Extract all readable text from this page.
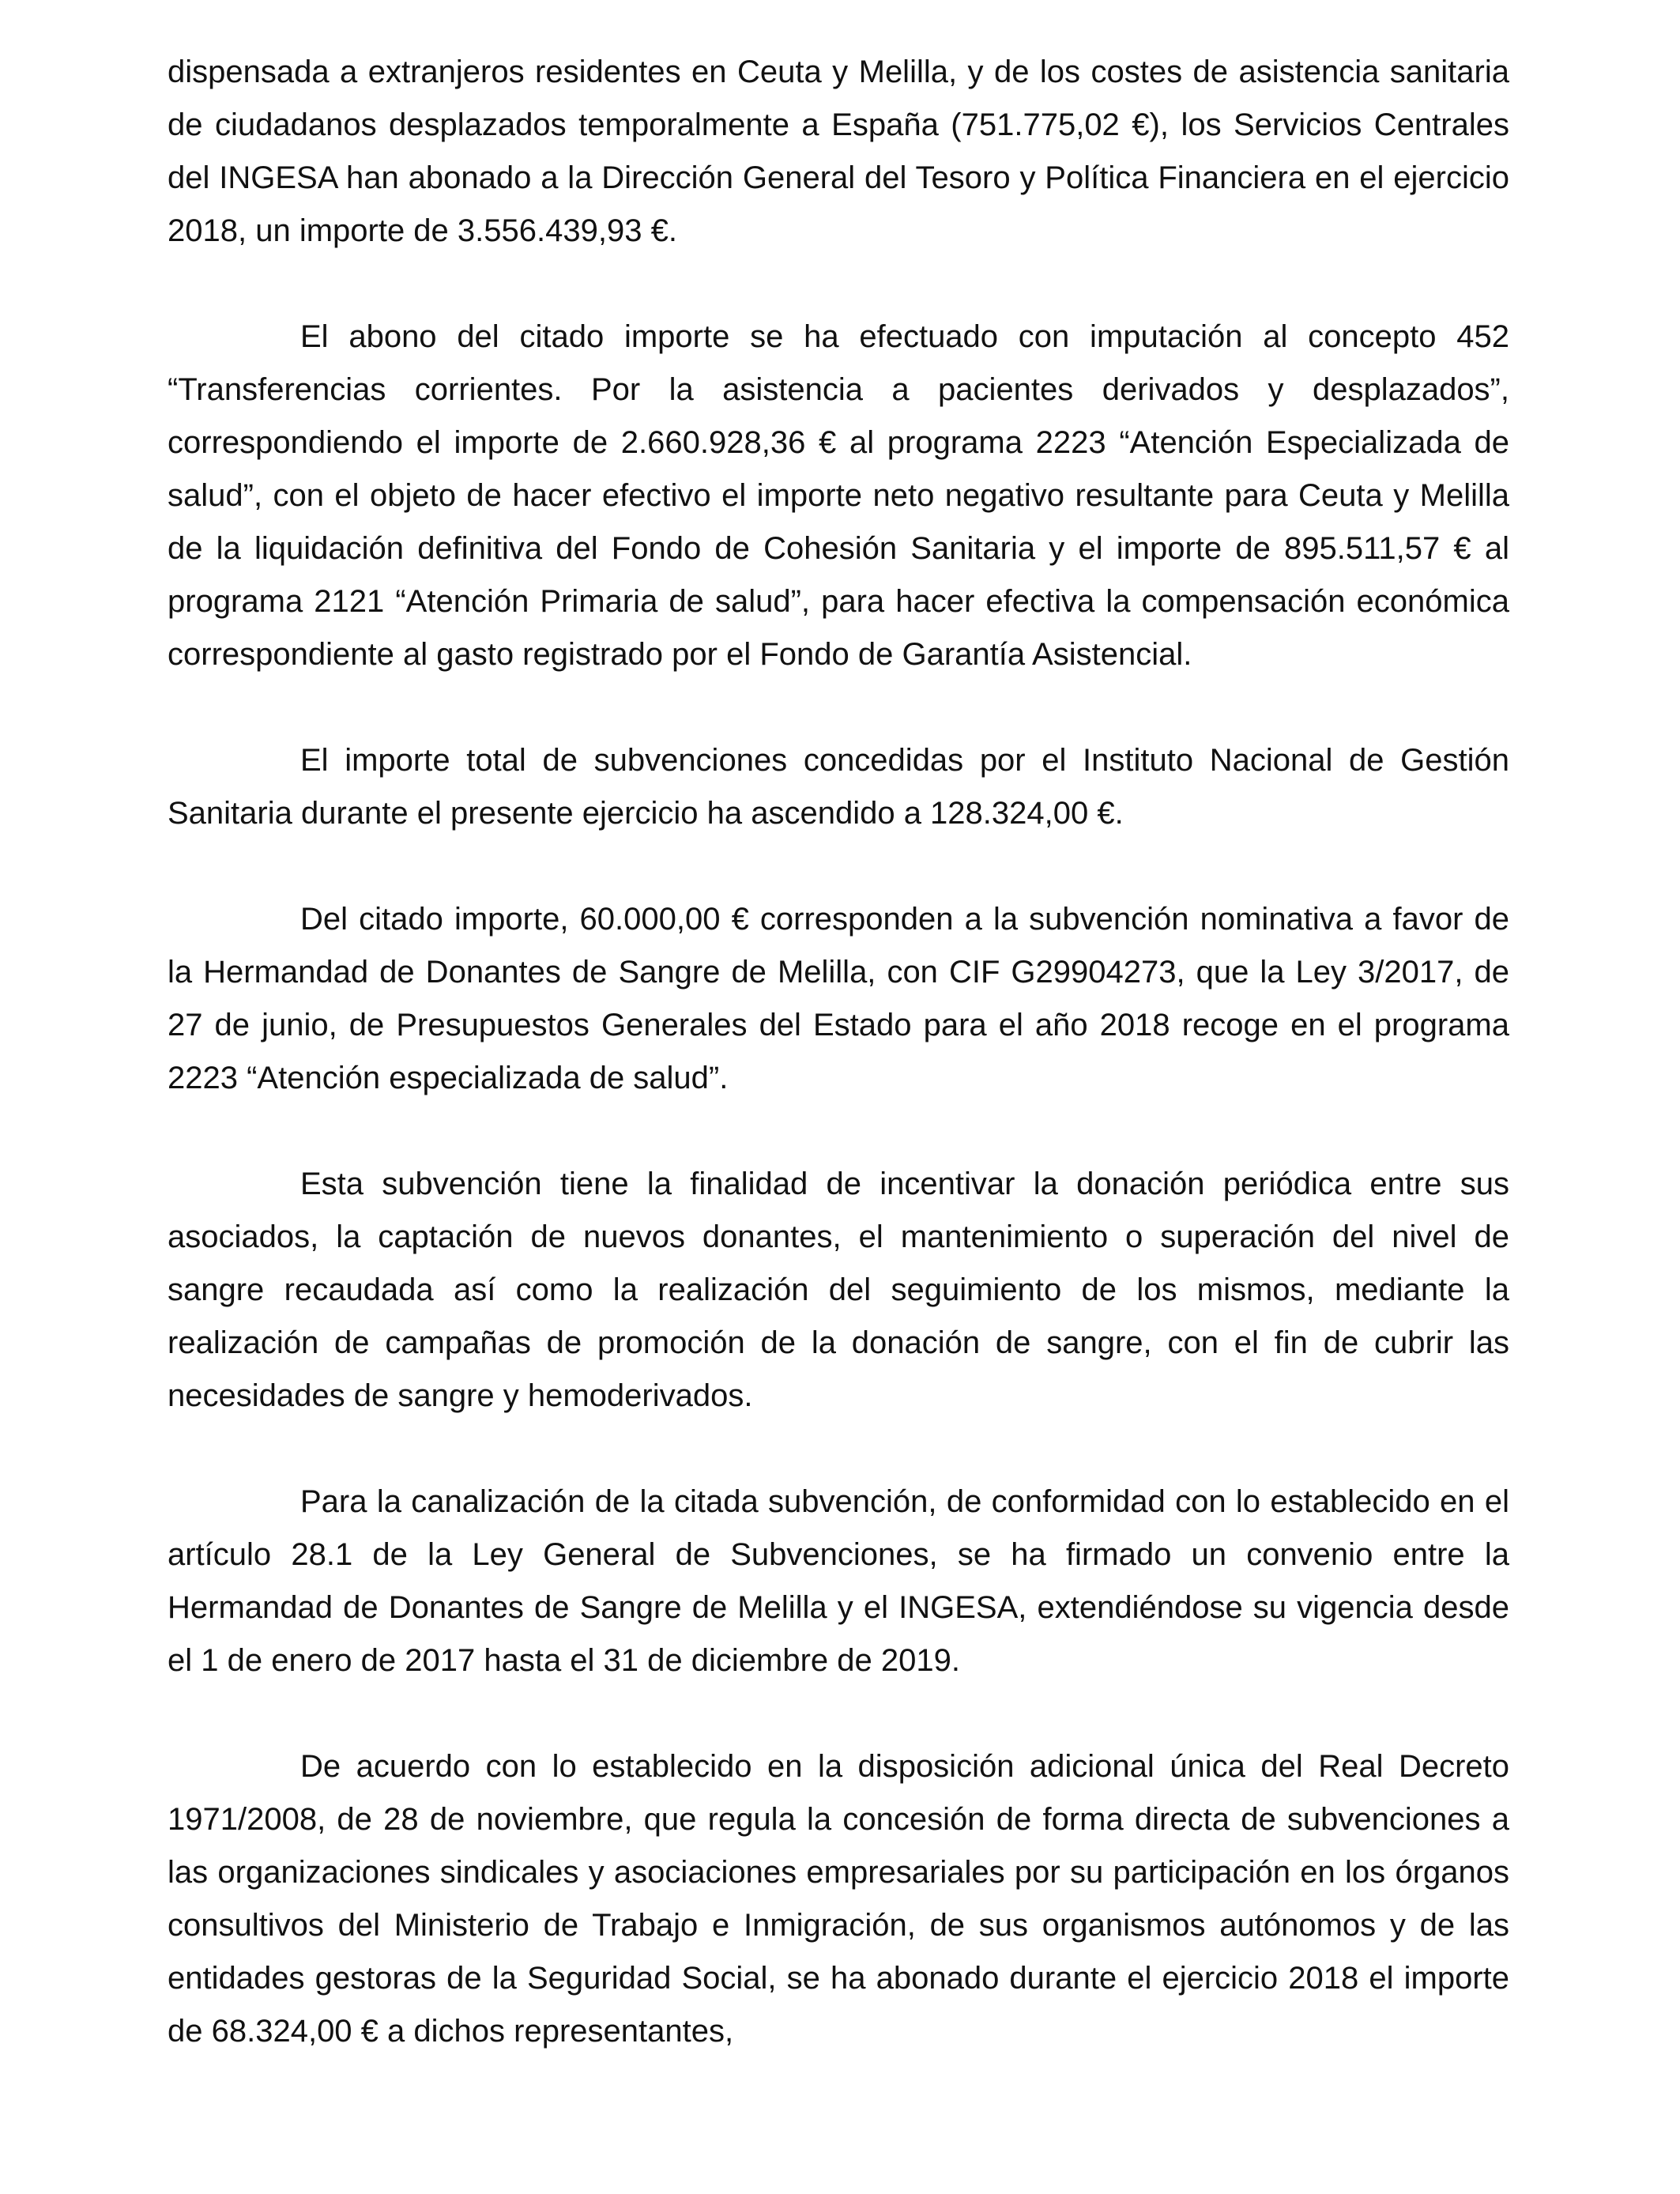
dispensada a extranjeros residentes en Ceuta y Melilla, y de los costes de asistencia sanitaria de ciudadanos desplazados temporalmente a España (751.775,02 €), los Servicios Centrales del INGESA han abonado a la Dirección General del Tesoro y Política Financiera en el ejercicio 2018, un importe de 3.556.439,93 €.

El abono del citado importe se ha efectuado con imputación al concepto 452 “Transferencias corrientes. Por la asistencia a pacientes derivados y desplazados”, correspondiendo el importe de 2.660.928,36 € al programa 2223 “Atención Especializada de salud”, con el objeto de hacer efectivo el importe neto negativo resultante para Ceuta y Melilla de la liquidación definitiva del Fondo de Cohesión Sanitaria y el importe de 895.511,57 € al programa 2121 “Atención Primaria de salud”, para hacer efectiva la compensación económica correspondiente al gasto registrado por el Fondo de Garantía Asistencial.

El importe total de subvenciones concedidas por el Instituto Nacional de Gestión Sanitaria durante el presente ejercicio ha ascendido a 128.324,00 €.

Del citado importe, 60.000,00 € corresponden a la subvención nominativa a favor de la Hermandad de Donantes de Sangre de Melilla, con CIF G29904273, que la Ley 3/2017, de 27 de junio, de Presupuestos Generales del Estado para el año 2018 recoge en el programa 2223 “Atención especializada de salud”.

Esta subvención tiene la finalidad de incentivar la donación periódica entre sus asociados, la captación de nuevos donantes, el mantenimiento o superación del nivel de sangre recaudada así como la realización del seguimiento de los mismos, mediante la realización de campañas de promoción de la donación de sangre, con el fin de cubrir las necesidades de sangre y hemoderivados.

Para la canalización de la citada subvención, de conformidad con lo establecido en el artículo 28.1 de la Ley General de Subvenciones, se ha firmado un convenio entre la Hermandad de Donantes de Sangre de Melilla y el INGESA, extendiéndose su vigencia desde el 1 de enero de 2017 hasta el 31 de diciembre de 2019.

De acuerdo con lo establecido en la disposición adicional única del Real Decreto 1971/2008, de 28 de noviembre, que regula la concesión de forma directa de subvenciones a las organizaciones sindicales y asociaciones empresariales por su participación en los órganos consultivos del Ministerio de Trabajo e Inmigración, de sus organismos autónomos y de las entidades gestoras de la Seguridad Social, se ha abonado durante el ejercicio 2018 el importe de 68.324,00 € a dichos representantes,
